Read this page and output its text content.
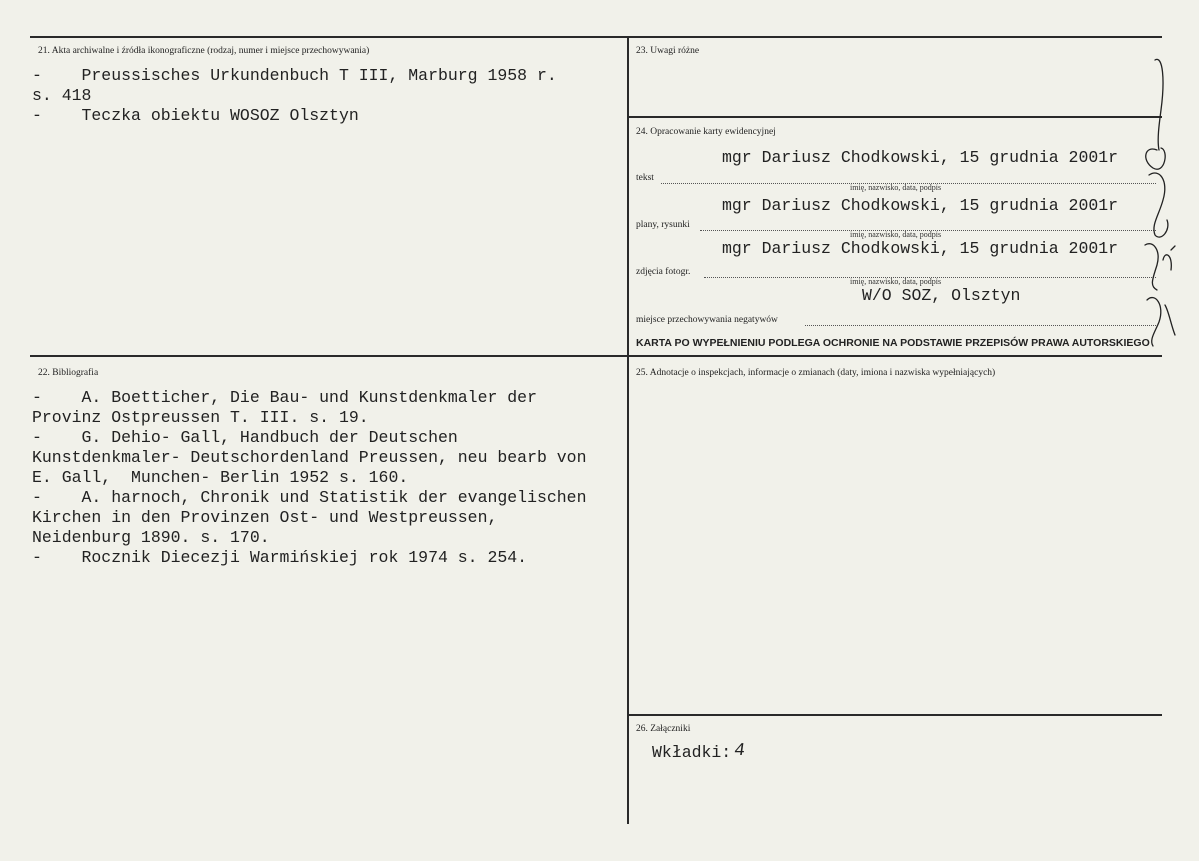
21. Akta archiwalne i źródła ikonograficzne (rodzaj, numer i miejsce przechowywania)
-    Preussisches Urkundenbuch T III, Marburg 1958 r.
s. 418
-    Teczka obiektu WOSOZ Olsztyn
22. Bibliografia
-    A. Boetticher, Die Bau- und Kunstdenkmaler der
Provinz Ostpreussen T. III. s. 19.
-    G. Dehio- Gall, Handbuch der Deutschen
Kunstdenkmaler- Deutschordenland Preussen, neu bearb von
E. Gall,  Munchen- Berlin 1952 s. 160.
-    A. harnoch, Chronik und Statistik der evangelischen
Kirchen in den Provinzen Ost- und Westpreussen,
Neidenburg 1890. s. 170.
-    Rocznik Diecezji Warmińskiej rok 1974 s. 254.
23. Uwagi różne
24. Opracowanie karty ewidencyjnej
mgr Dariusz Chodkowski, 15 grudnia 2001r
tekst
imię, nazwisko, data, podpis
mgr Dariusz Chodkowski, 15 grudnia 2001r
plany, rysunki
imię, nazwisko, data, podpis
mgr Dariusz Chodkowski, 15 grudnia 2001r
zdjęcia fotogr.
imię, nazwisko, data, podpis
W/O SOZ, Olsztyn
miejsce przechowywania negatywów
KARTA PO WYPEŁNIENIU PODLEGA OCHRONIE NA PODSTAWIE PRZEPISÓW PRAWA AUTORSKIEGO
25. Adnotacje o inspekcjach, informacje o zmianach (daty, imiona i nazwiska wypełniających)
26. Załączniki
Wkładki: 4
